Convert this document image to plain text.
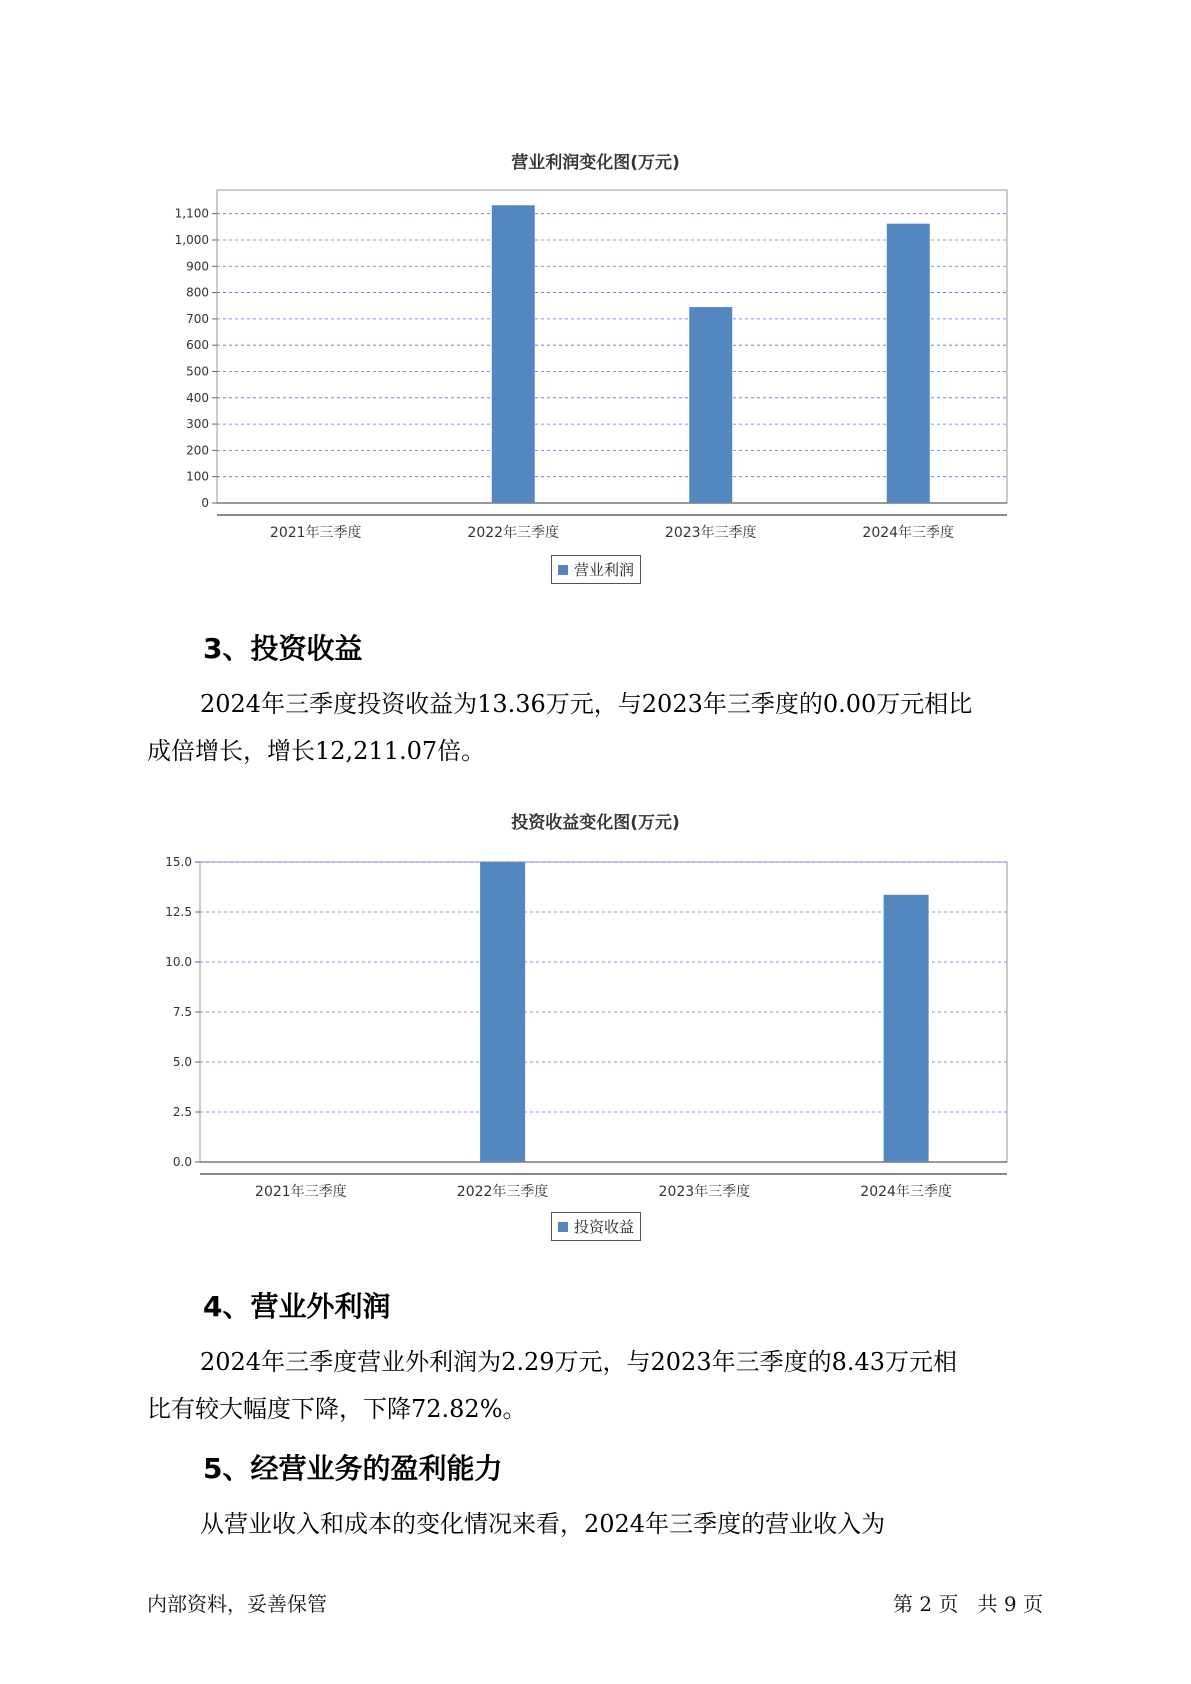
营业利润变化图(万元)
0
100
200
300
400
500
600
700
800
900
1,000
1,100
2021年三季度	2022年三季度	2023年三季度	2024年三季度
营业利润
3、投资收益

2024年三季度投资收益为13.36万元，与2023年三季度的0.00万元相比
成倍增长，增长12,211.07倍。

投资收益变化图(万元)
0.0
2.5
5.0
7.5
10.0
12.5
15.0
2021年三季度	2022年三季度	2023年三季度	2024年三季度
投资收益
4、营业外利润

2024年三季度营业外利润为2.29万元，与2023年三季度的8.43万元相
比有较大幅度下降，下降72.82%。

5、经营业务的盈利能力

从营业收入和成本的变化情况来看，2024年三季度的营业收入为

内部资料，妥善保管	第 2 页   共 9 页
